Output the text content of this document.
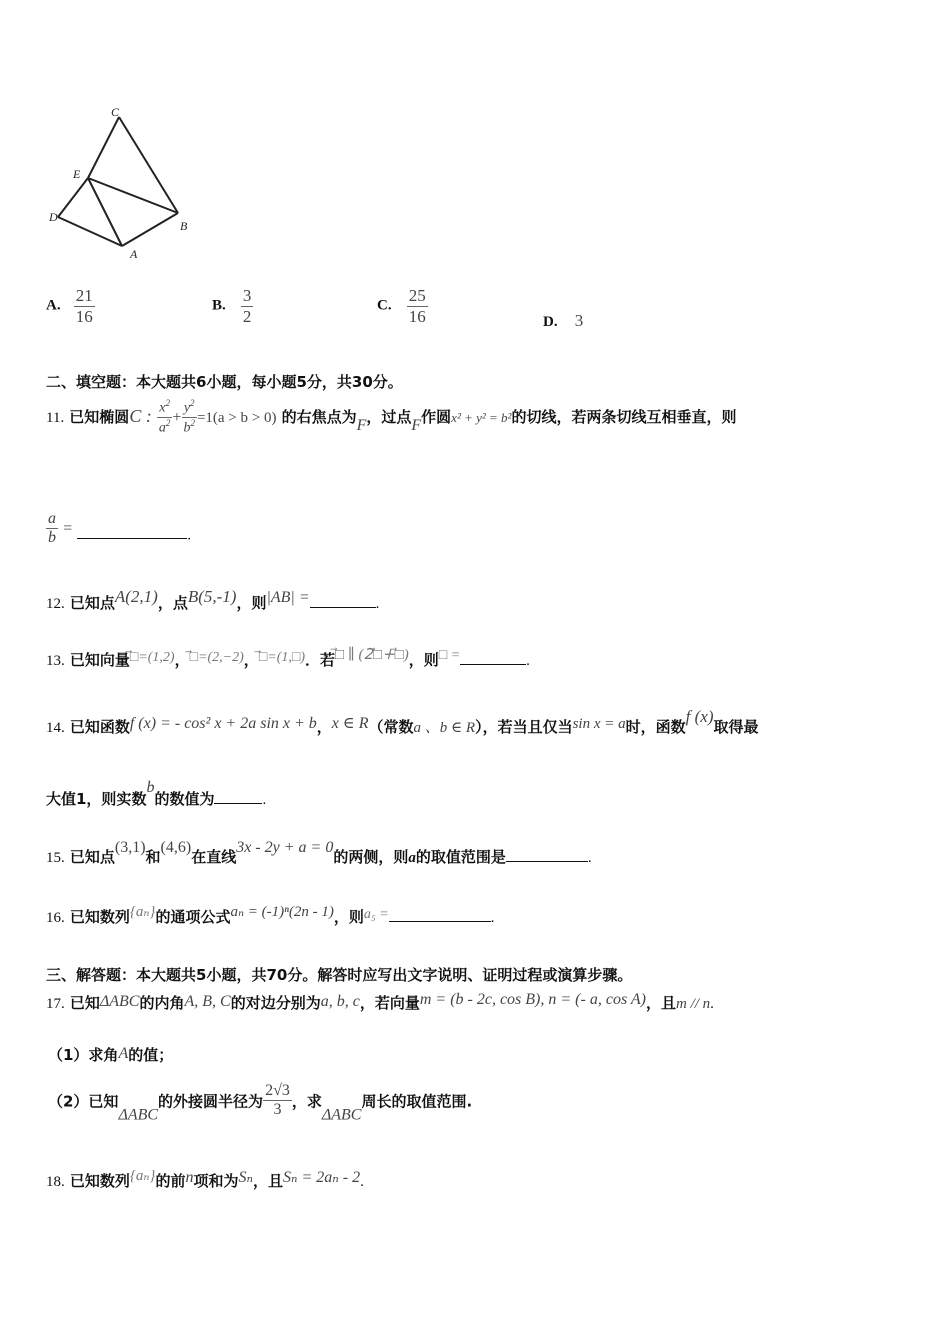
C
E
D
B
A
A. $\frac{21}{16}$	B. $\frac{3}{2}$	C. $\frac{25}{16}$	D. 3
二、填空题：本大题共6小题，每小题5分，共30分。
11. 已知椭圆C : $\frac{x^2}{a^2} + \frac{y^2}{b^2} =1(a > b > 0)$ 的右焦点为F，过点F作圆x² + y² = b²的切线，若两条切线互相垂直，则
$\frac{a}{b}$ =	.
12. 已知点A(2,1)，点B(5,-1)，则|AB| =	.
13. 已知向量⃗□=(1,2)，⃗□=(2,−2)，⃗□=(1,□)．若⃗□ ∥ (2⃗□+⃗□)，则□ =	.
14. 已知函数f (x) = - cos² x + 2a sin x + b，x ∈ R（常数a 、b ∈ R），若当且仅当sin x = a时，函数f (x)取得最
大值1，则实数b的数值为	.
15. 已知点(3,1)和(4,6)在直线3x - 2y + a = 0的两侧，则a的取值范围是	.
16. 已知数列{aₙ}的通项公式aₙ = (-1)ⁿ(2n - 1)，则a₅ =	.
三、解答题：本大题共5小题，共70分。解答时应写出文字说明、证明过程或演算步骤。
17. 已知ΔABC的内角A, B, C的对边分别为a, b, c，若向量m = (b - 2c, cos B), n = (- a, cos A)，且m // n.
（1）求角A的值；
（2）已知ΔABC的外接圆半径为 $\frac{2√3}{3}$ ，求ΔABC周长的取值范围.
18. 已知数列{aₙ}的前n项和为Sₙ，且Sₙ = 2aₙ - 2.
